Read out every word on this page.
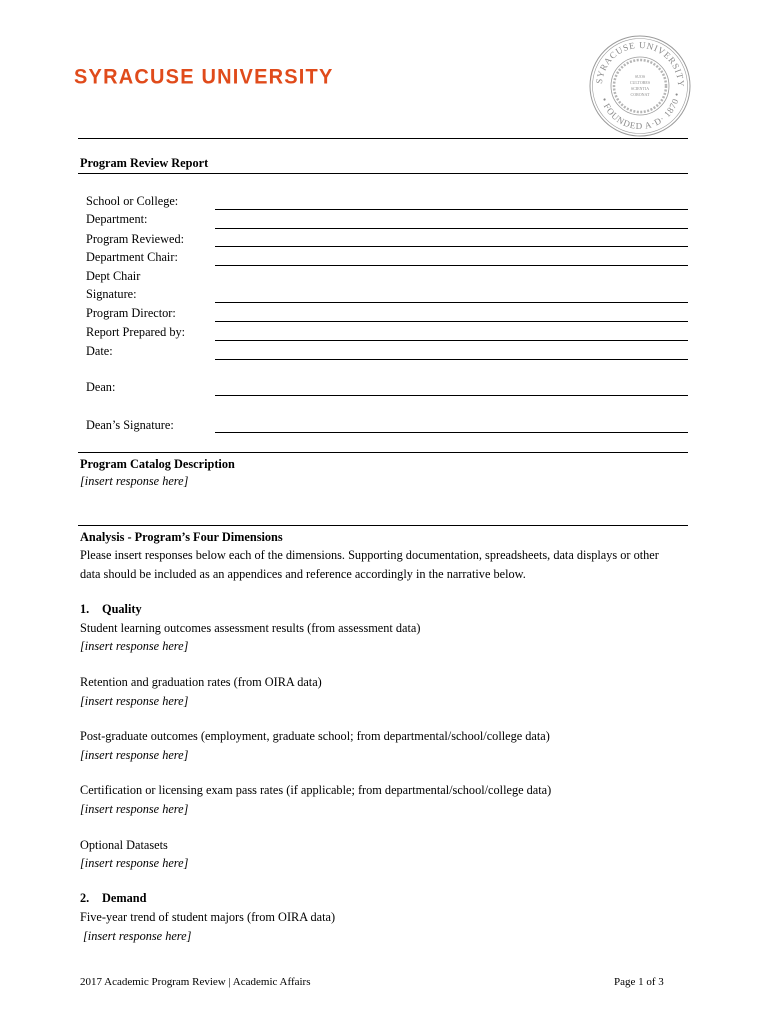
SYRACUSE UNIVERSITY	SYRACUSE UNIVERSITY
• FOUNDED A·D· 1870 •
SUOS
CULTORES
SCIENTIA
CORONAT
Program Review Report
School or College:
Department:
Program Reviewed:
Department Chair:
Dept Chair
Signature:
Program Director:
Report Prepared by:
Date:
Dean:
Dean’s Signature:
Program Catalog Description
[insert response here]
Analysis - Program’s Four Dimensions
Please insert responses below each of the dimensions. Supporting documentation, spreadsheets, data displays or other
data should be included as an appendices and reference accordingly in the narrative below.
1. Quality
Student learning outcomes assessment results (from assessment data)
[insert response here]
Retention and graduation rates (from OIRA data)
[insert response here]
Post-graduate outcomes (employment, graduate school; from departmental/school/college data)
[insert response here]
Certification or licensing exam pass rates (if applicable; from departmental/school/college data)
[insert response here]
Optional Datasets
[insert response here]
2. Demand
Five-year trend of student majors (from OIRA data)
[insert response here]
2017 Academic Program Review | Academic Affairs	Page 1 of 3
